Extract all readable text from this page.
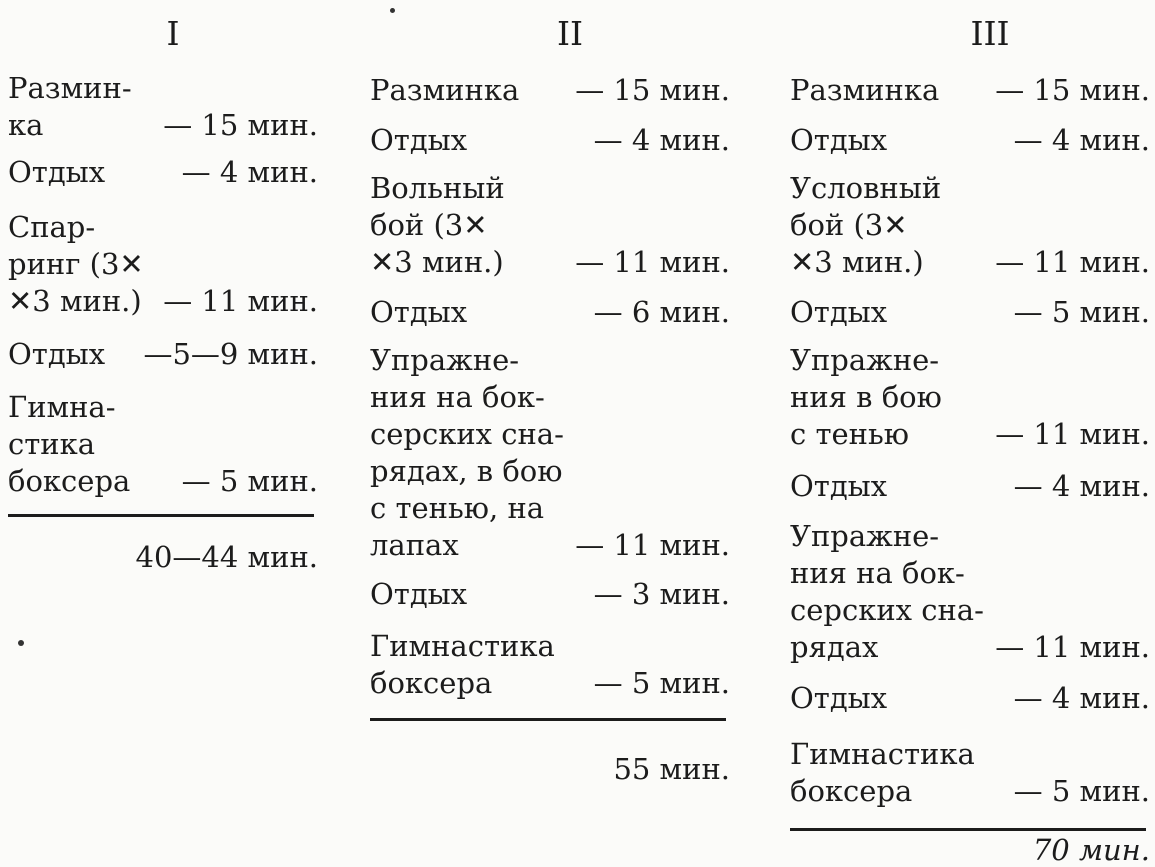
I
Размин-
ка	— 15 мин.
Отдых	— 4 мин.
Спар-
ринг (3✕
✕3 мин.) — 11 мин.
Отдых —5—9 мин.
Гимна-
стика
боксера — 5 мин.
40—44 мин.
II
Разминка — 15 мин.
Отдых	— 4 мин.
Вольный
бой (3✕
✕3 мин.) — 11 мин.
Отдых	— 6 мин.
Упражне-
ния на бок-
серских сна-
рядах, в бою
с тенью, на
лапах	— 11 мин.
Отдых	— 3 мин.
Гимнастика
боксера	— 5 мин.
55 мин.
III
Разминка — 15 мин.
Отдых	— 4 мин.
Условный
бой (3✕
✕3 мин.) — 11 мин.
Отдых	— 5 мин.
Упражне-
ния в бою
с тенью	— 11 мин.
Отдых	— 4 мин.
Упражне-
ния на бок-
серских сна-
рядах	— 11 мин.
Отдых	— 4 мин.
Гимнастика
боксера	— 5 мин.
70 мин.
